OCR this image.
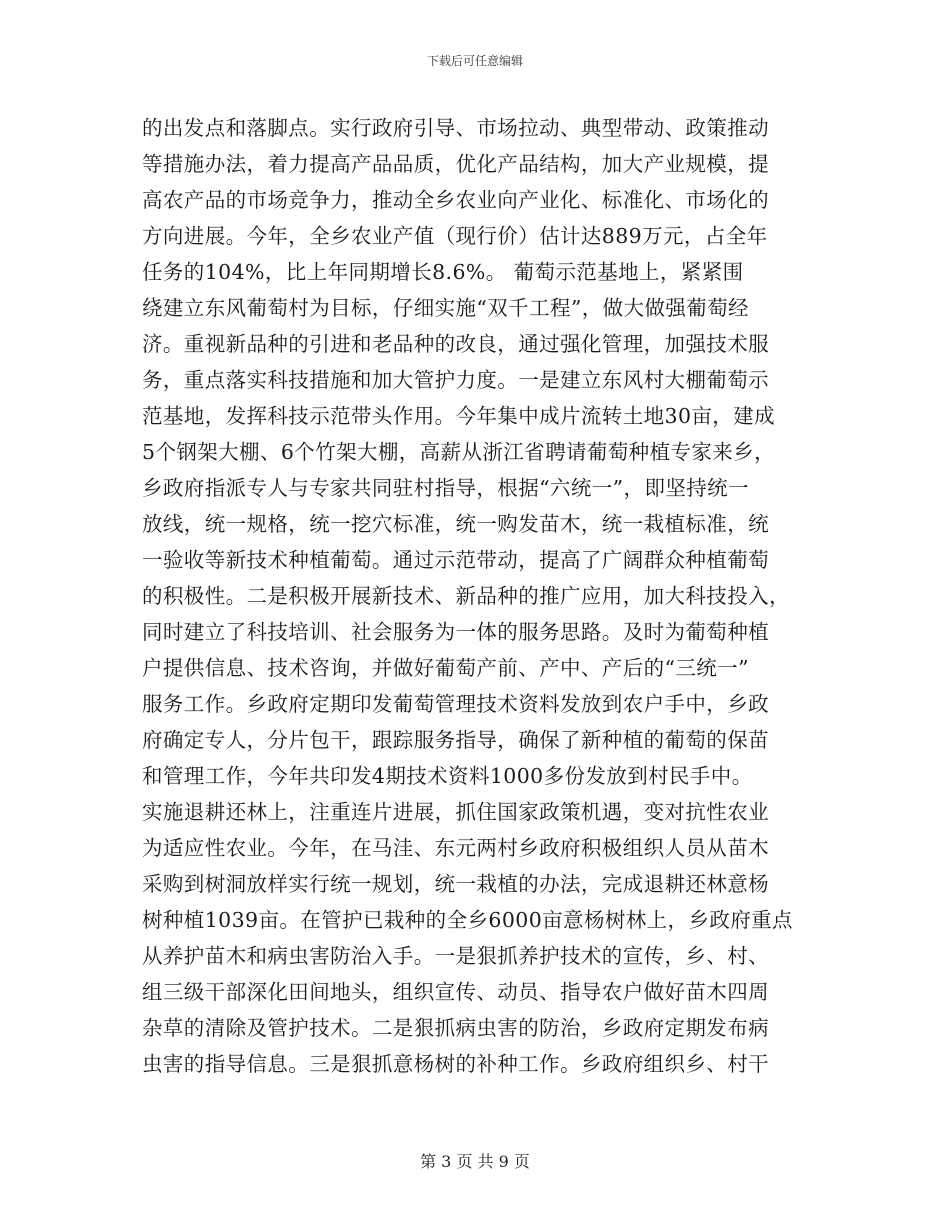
下载后可任意编辑
的出发点和落脚点。实行政府引导、市场拉动、典型带动、政策推动
等措施办法，着力提高产品品质，优化产品结构，加大产业规模，提
高农产品的市场竞争力，推动全乡农业向产业化、标准化、市场化的
方向进展。今年，全乡农业产值（现行价）估计达889万元，占全年
任务的104%，比上年同期增长8.6%。 葡萄示范基地上，紧紧围
绕建立东风葡萄村为目标，仔细实施“双千工程”，做大做强葡萄经
济。重视新品种的引进和老品种的改良，通过强化管理，加强技术服
务，重点落实科技措施和加大管护力度。一是建立东风村大棚葡萄示
范基地，发挥科技示范带头作用。今年集中成片流转土地30亩，建成
5个钢架大棚、6个竹架大棚，高薪从浙江省聘请葡萄种植专家来乡，
乡政府指派专人与专家共同驻村指导，根据“六统一”，即坚持统一
放线，统一规格，统一挖穴标准，统一购发苗木，统一栽植标准，统
一验收等新技术种植葡萄。通过示范带动，提高了广阔群众种植葡萄
的积极性。二是积极开展新技术、新品种的推广应用，加大科技投入，
同时建立了科技培训、社会服务为一体的服务思路。及时为葡萄种植
户提供信息、技术咨询，并做好葡萄产前、产中、产后的“三统一”
服务工作。乡政府定期印发葡萄管理技术资料发放到农户手中，乡政
府确定专人，分片包干，跟踪服务指导，确保了新种植的葡萄的保苗
和管理工作，今年共印发4期技术资料1000多份发放到村民手中。
实施退耕还林上，注重连片进展，抓住国家政策机遇，变对抗性农业
为适应性农业。今年，在马洼、东元两村乡政府积极组织人员从苗木
采购到树洞放样实行统一规划，统一栽植的办法，完成退耕还林意杨
树种植1039亩。在管护已栽种的全乡6000亩意杨树林上，乡政府重点
从养护苗木和病虫害防治入手。一是狠抓养护技术的宣传，乡、村、
组三级干部深化田间地头，组织宣传、动员、指导农户做好苗木四周
杂草的清除及管护技术。二是狠抓病虫害的防治，乡政府定期发布病
虫害的指导信息。三是狠抓意杨树的补种工作。乡政府组织乡、村干
第 3 页 共 9 页
